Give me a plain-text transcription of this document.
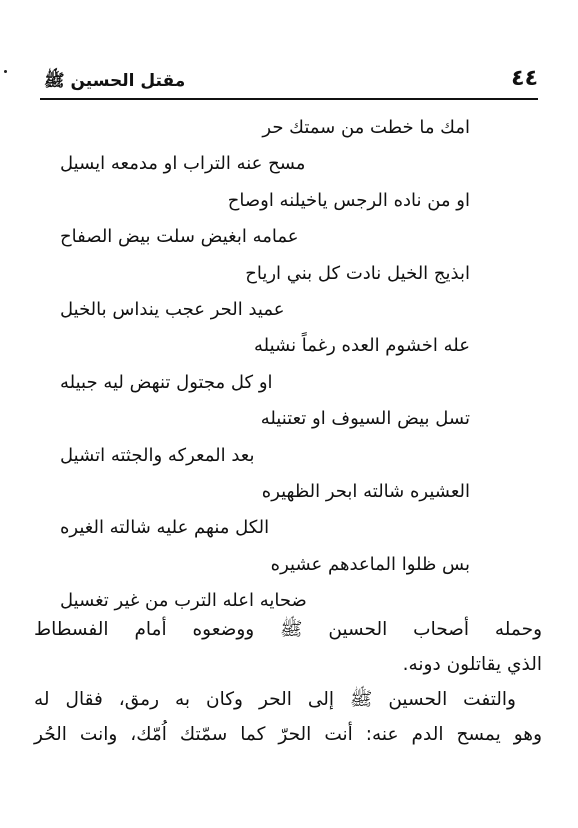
٤٤
مقتل الحسين ﷺ
امك ما خطت من سمتك حر
مسح عنه التراب او مدمعه ايسيل
او من ناده الرجس ياخيلنه اوصاح
عمامه ابغيض سلت بيض الصفاح
ابذيج الخيل نادت كل بني ارياح
عميد الحر عجب ينداس بالخيل
عله اخشوم العده رغماً نشيله
او كل مجتول تنهض ليه جبيله
تسل بيض السيوف او تعتنيله
بعد المعركه والجثته اتشيل
العشيره شالته ابحر الظهيره
الكل منهم عليه شالته الغيره
بس ظلوا الماعدهم عشيره
ضحايه اعله الترب من غير تغسيل
وحمله أصحاب الحسين ﷺ ووضعوه أمام الفسطاط
الذي يقاتلون دونه.
والتفت الحسين ﷺ إلى الحر وكان به رمق، فقال له
وهو يمسح الدم عنه: أنت الحرّ كما سمّتك اُمّك، وانت الحُر
